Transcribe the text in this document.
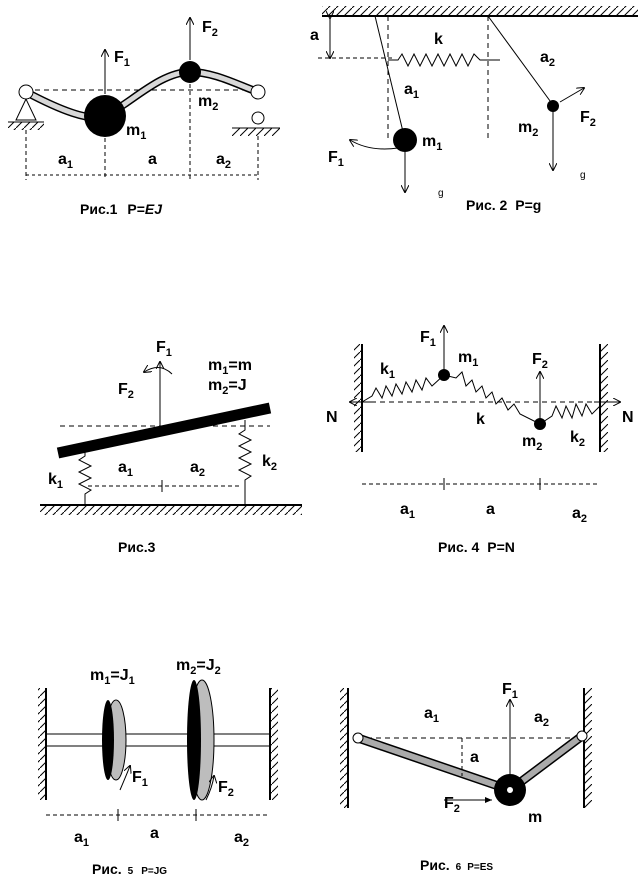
$F_1$
$F_2$
$m_1$
$m_2$
$a_1$	a	$a_2$
Рис.1 P=EJ
a	k
$a_1$
$a_2$
$m_1$
$m_2$
$F_1$
$F_2$
g
g
Рис. 2 P=g
$F_1$
$F_2$
$m_1=m$
$m_2=J$
$k_1$
$k_2$
$a_1$	$a_2$
Рис.3
$F_1$
$F_2$
$m_1$
$m_2$
$k_1$
k
$k_2$
N	N
$a_1$	a	$a_2$
Рис. 4 P=N
$m_1=J_1$
$m_2=J_2$
$F_1$	$F_2$
$a_1$
a	$a_2$
Рис. 5 P=JG
$F_1$
$F_2$
$a_1$	$a_2$
a
m
Рис. 6 P=ES
